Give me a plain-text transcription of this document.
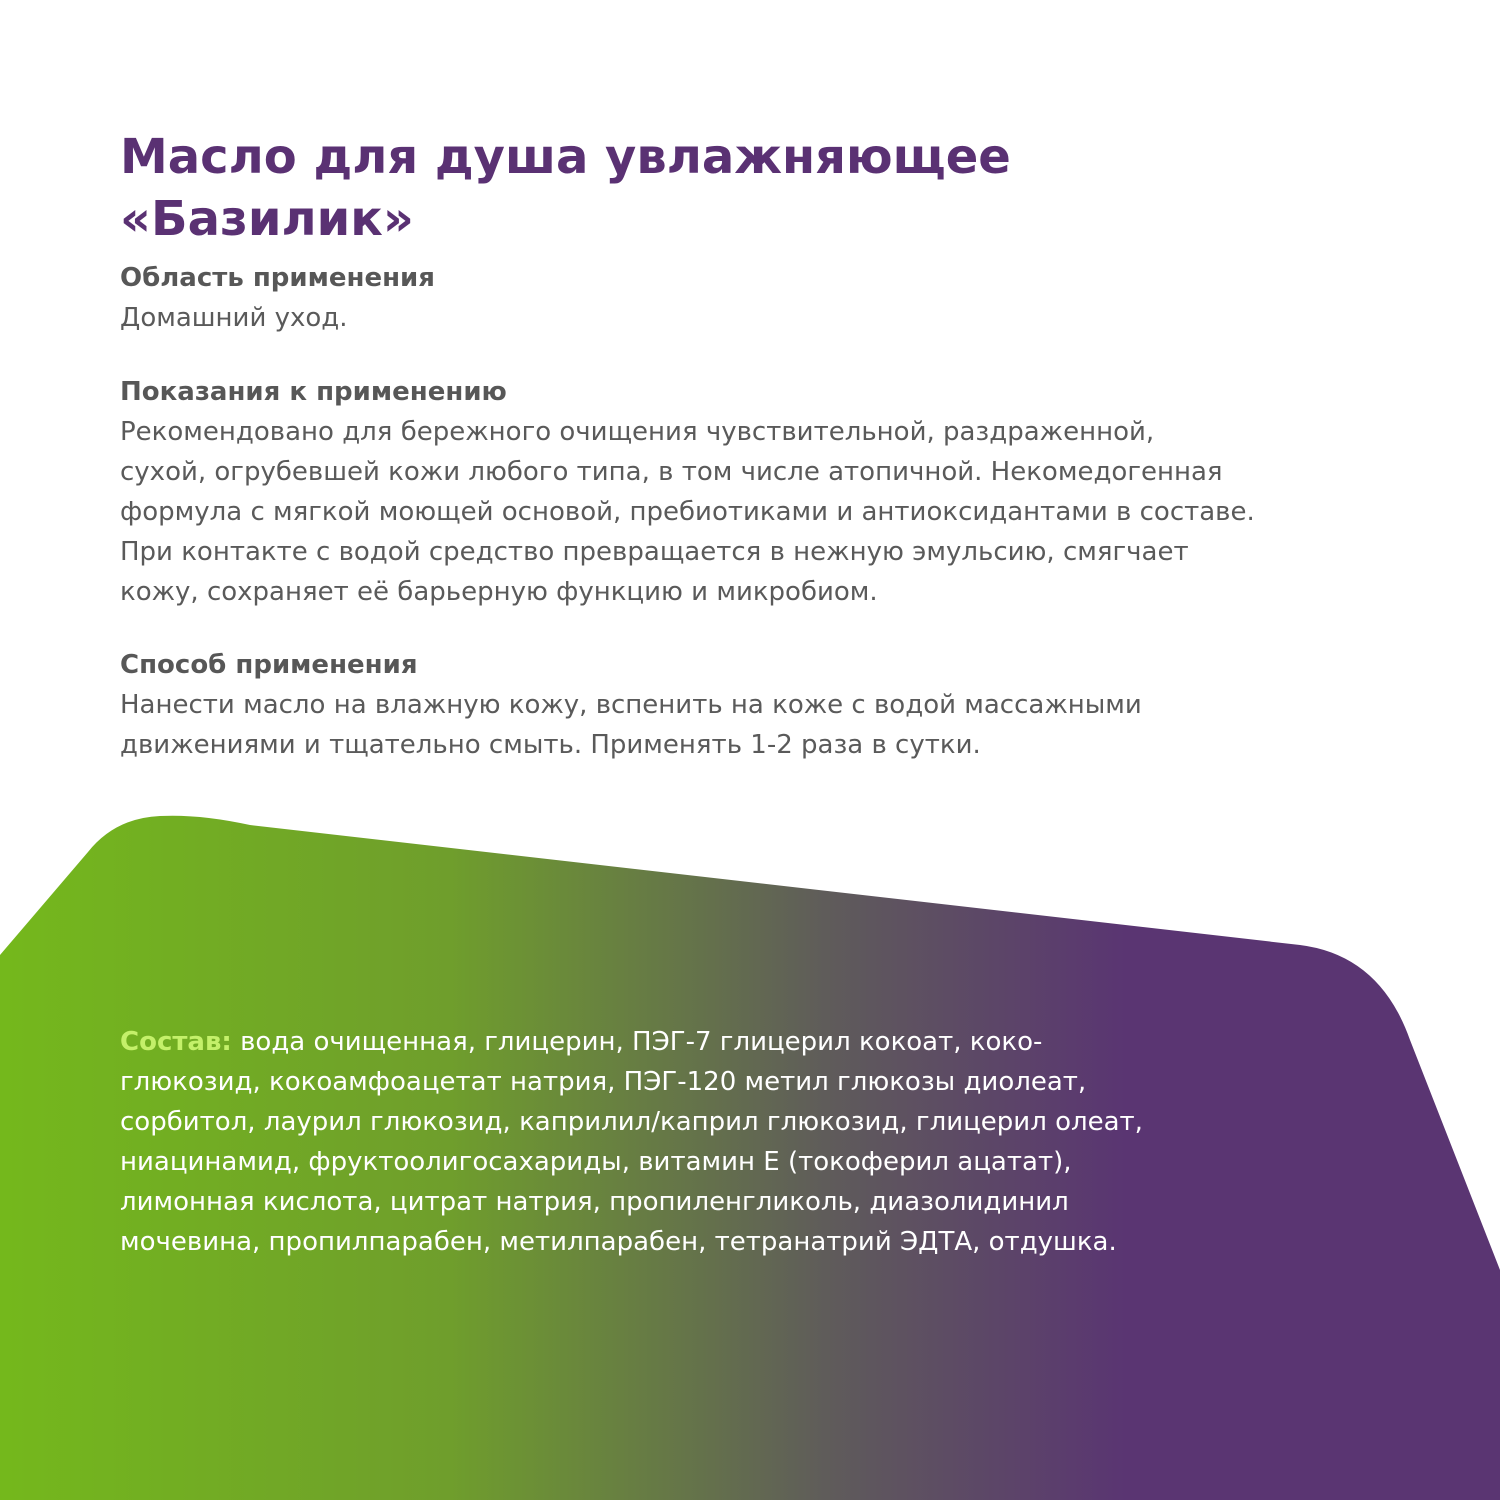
Масло для душа увлажняющее
«Базилик»

Область применения

Домашний уход.

Показания к применению

Рекомендовано для бережного очищения чувствительной, раздраженной,
сухой, огрубевшей кожи любого типа, в том числе атопичной. Некомедогенная
формула с мягкой моющей основой, пребиотиками и антиоксидантами в составе.
При контакте с водой средство превращается в нежную эмульсию, смягчает
кожу, сохраняет её барьерную функцию и микробиом.

Способ применения

Нанести масло на влажную кожу, вспенить на коже с водой массажными
движениями и тщательно смыть. Применять 1-2 раза в сутки.

Состав: вода очищенная, глицерин, ПЭГ-7 глицерил кокоат, коко-
глюкозид, кокоамфоацетат натрия, ПЭГ-120 метил глюкозы диолеат,
сорбитол, лаурил глюкозид, каприлил/каприл глюкозид, глицерил олеат,
ниацинамид, фруктоолигосахариды, витамин Е (токоферил ацатат),
лимонная кислота, цитрат натрия, пропиленгликоль, диазолидинил
мочевина, пропилпарабен, метилпарабен, тетранатрий ЭДТА, отдушка.
